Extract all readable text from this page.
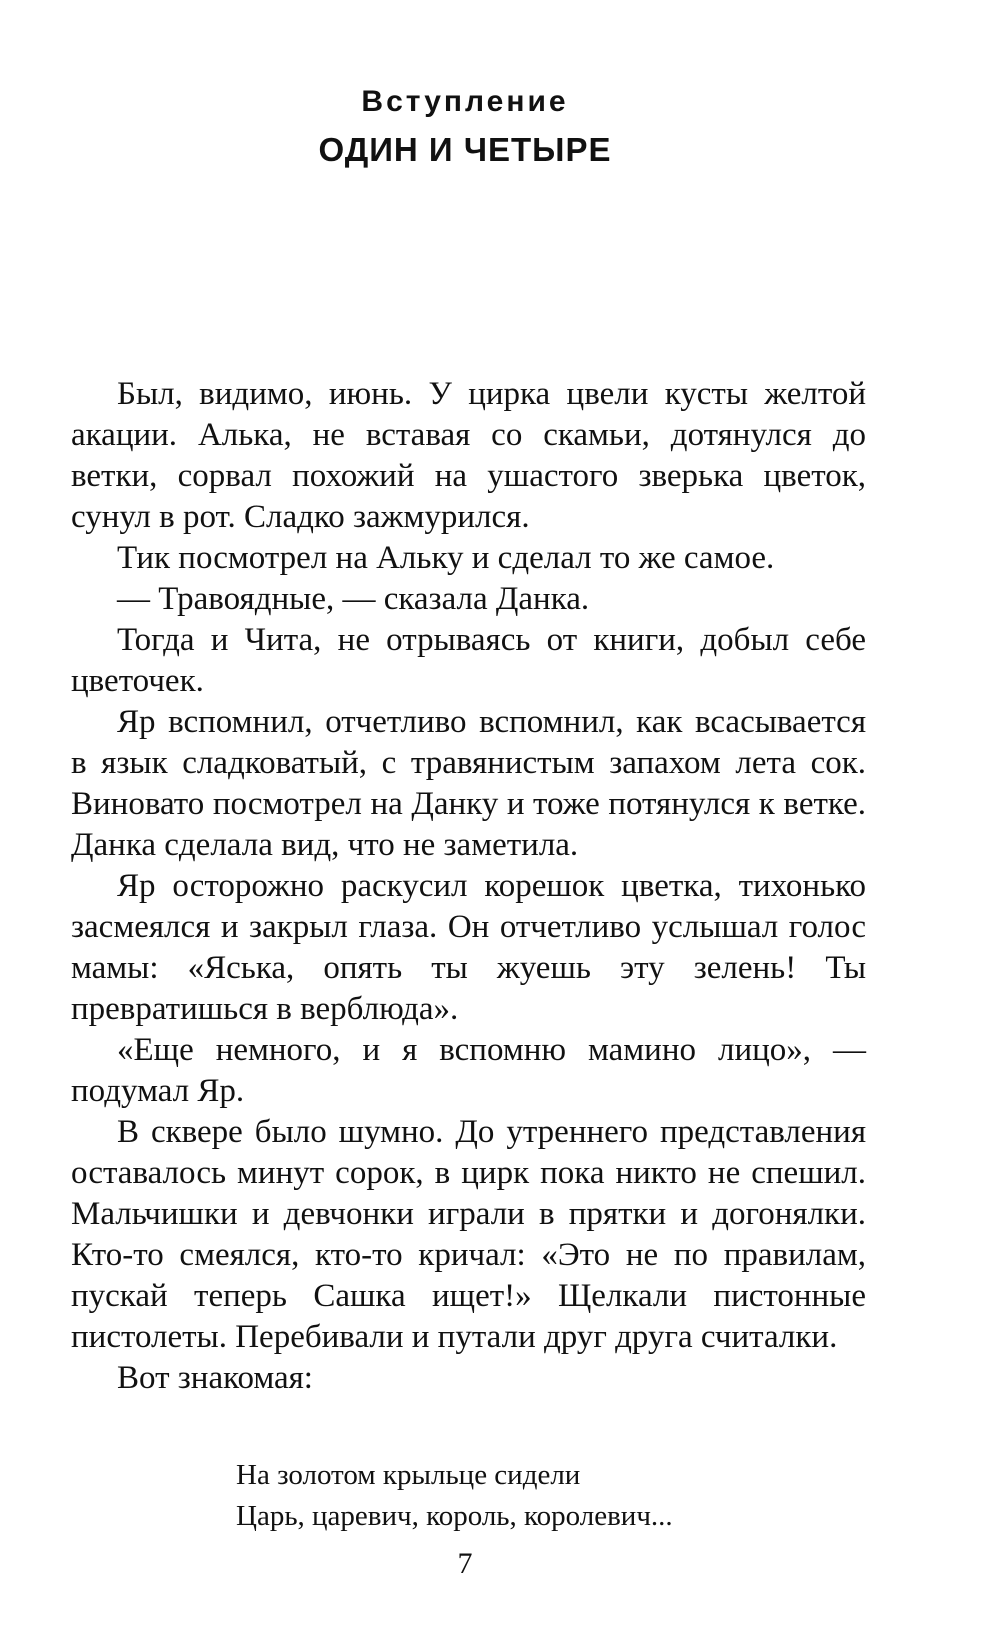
Вступление
ОДИН И ЧЕТЫРЕ

Был, видимо, июнь. У цирка цвели кусты желтой акации. Алька, не вставая со скамьи, дотянулся до ветки, сорвал похожий на ушастого зверька цветок, сунул в рот. Сладко зажмурился.

Тик посмотрел на Альку и сделал то же самое.

— Травоядные, — сказала Данка.

Тогда и Чита, не отрываясь от книги, добыл себе цветочек.

Яр вспомнил, отчетливо вспомнил, как всасывается в язык сладковатый, с травянистым запахом лета сок. Виновато посмотрел на Данку и тоже потянулся к ветке. Данка сделала вид, что не заметила.

Яр осторожно раскусил корешок цветка, тихонько засмеялся и закрыл глаза. Он отчетливо услышал голос мамы: «Яська, опять ты жуешь эту зелень! Ты превратишься в верблюда».

«Еще немного, и я вспомню мамино лицо», — подумал Яр.

В сквере было шумно. До утреннего представления оставалось минут сорок, в цирк пока никто не спешил. Мальчишки и девчонки играли в прятки и догонялки. Кто-то смеялся, кто-то кричал: «Это не по правилам, пускай теперь Сашка ищет!» Щелкали пистонные пистолеты. Перебивали и путали друг друга считалки.

Вот знакомая:

На золотом крыльце сидели
Царь, царевич, король, королевич...
7
